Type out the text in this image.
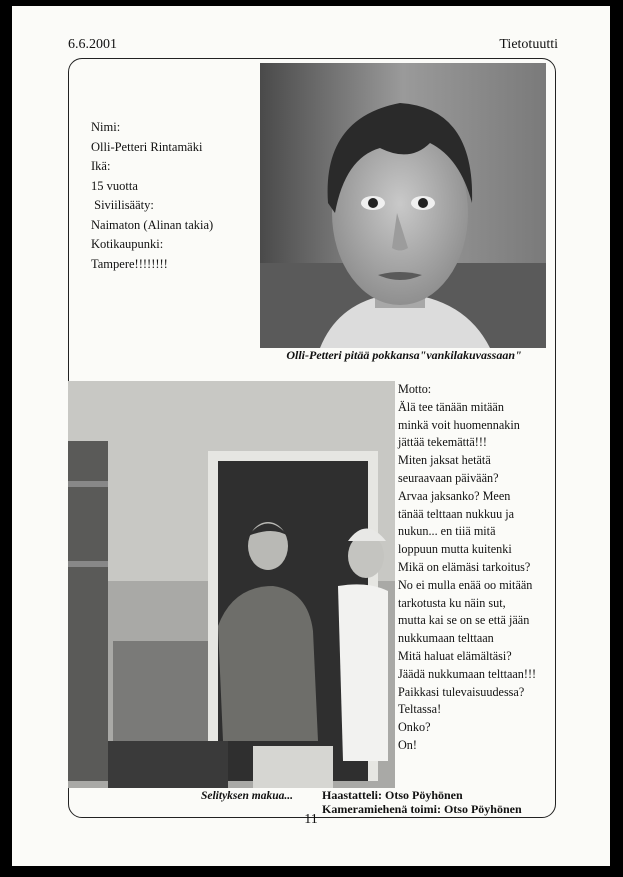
6.6.2001	Tietotuutti
Nimi:
Olli-Petteri Rintamäki
Ikä:
15 vuotta
Siviilisääty:
Naimaton (Alinan takia)
Kotikaupunki:
Tampere!!!!!!!!
Olli-Petteri pitää pokkansa"vankilakuvassaan"
Selityksen makua...
Motto:
Älä tee tänään mitään
minkä voit huomennakin
jättää tekemättä!!!
Miten jaksat hetätä
seuraavaan päivään?
Arvaa jaksanko? Meen
tänää telttaan nukkuu ja
nukun... en tiiä mitä
loppuun mutta kuitenki
Mikä on elämäsi tarkoitus?
No ei mulla enää oo mitään
tarkotusta ku näin sut,
mutta kai se on se että jään
nukkumaan telttaan
Mitä haluat elämältäsi?
Jäädä nukkumaan telttaan!!!
Paikkasi tulevaisuudessa?
Teltassa!
Onko?
On!
Haastatteli: Otso Pöyhönen
Kameramiehenä toimi: Otso Pöyhönen
11
